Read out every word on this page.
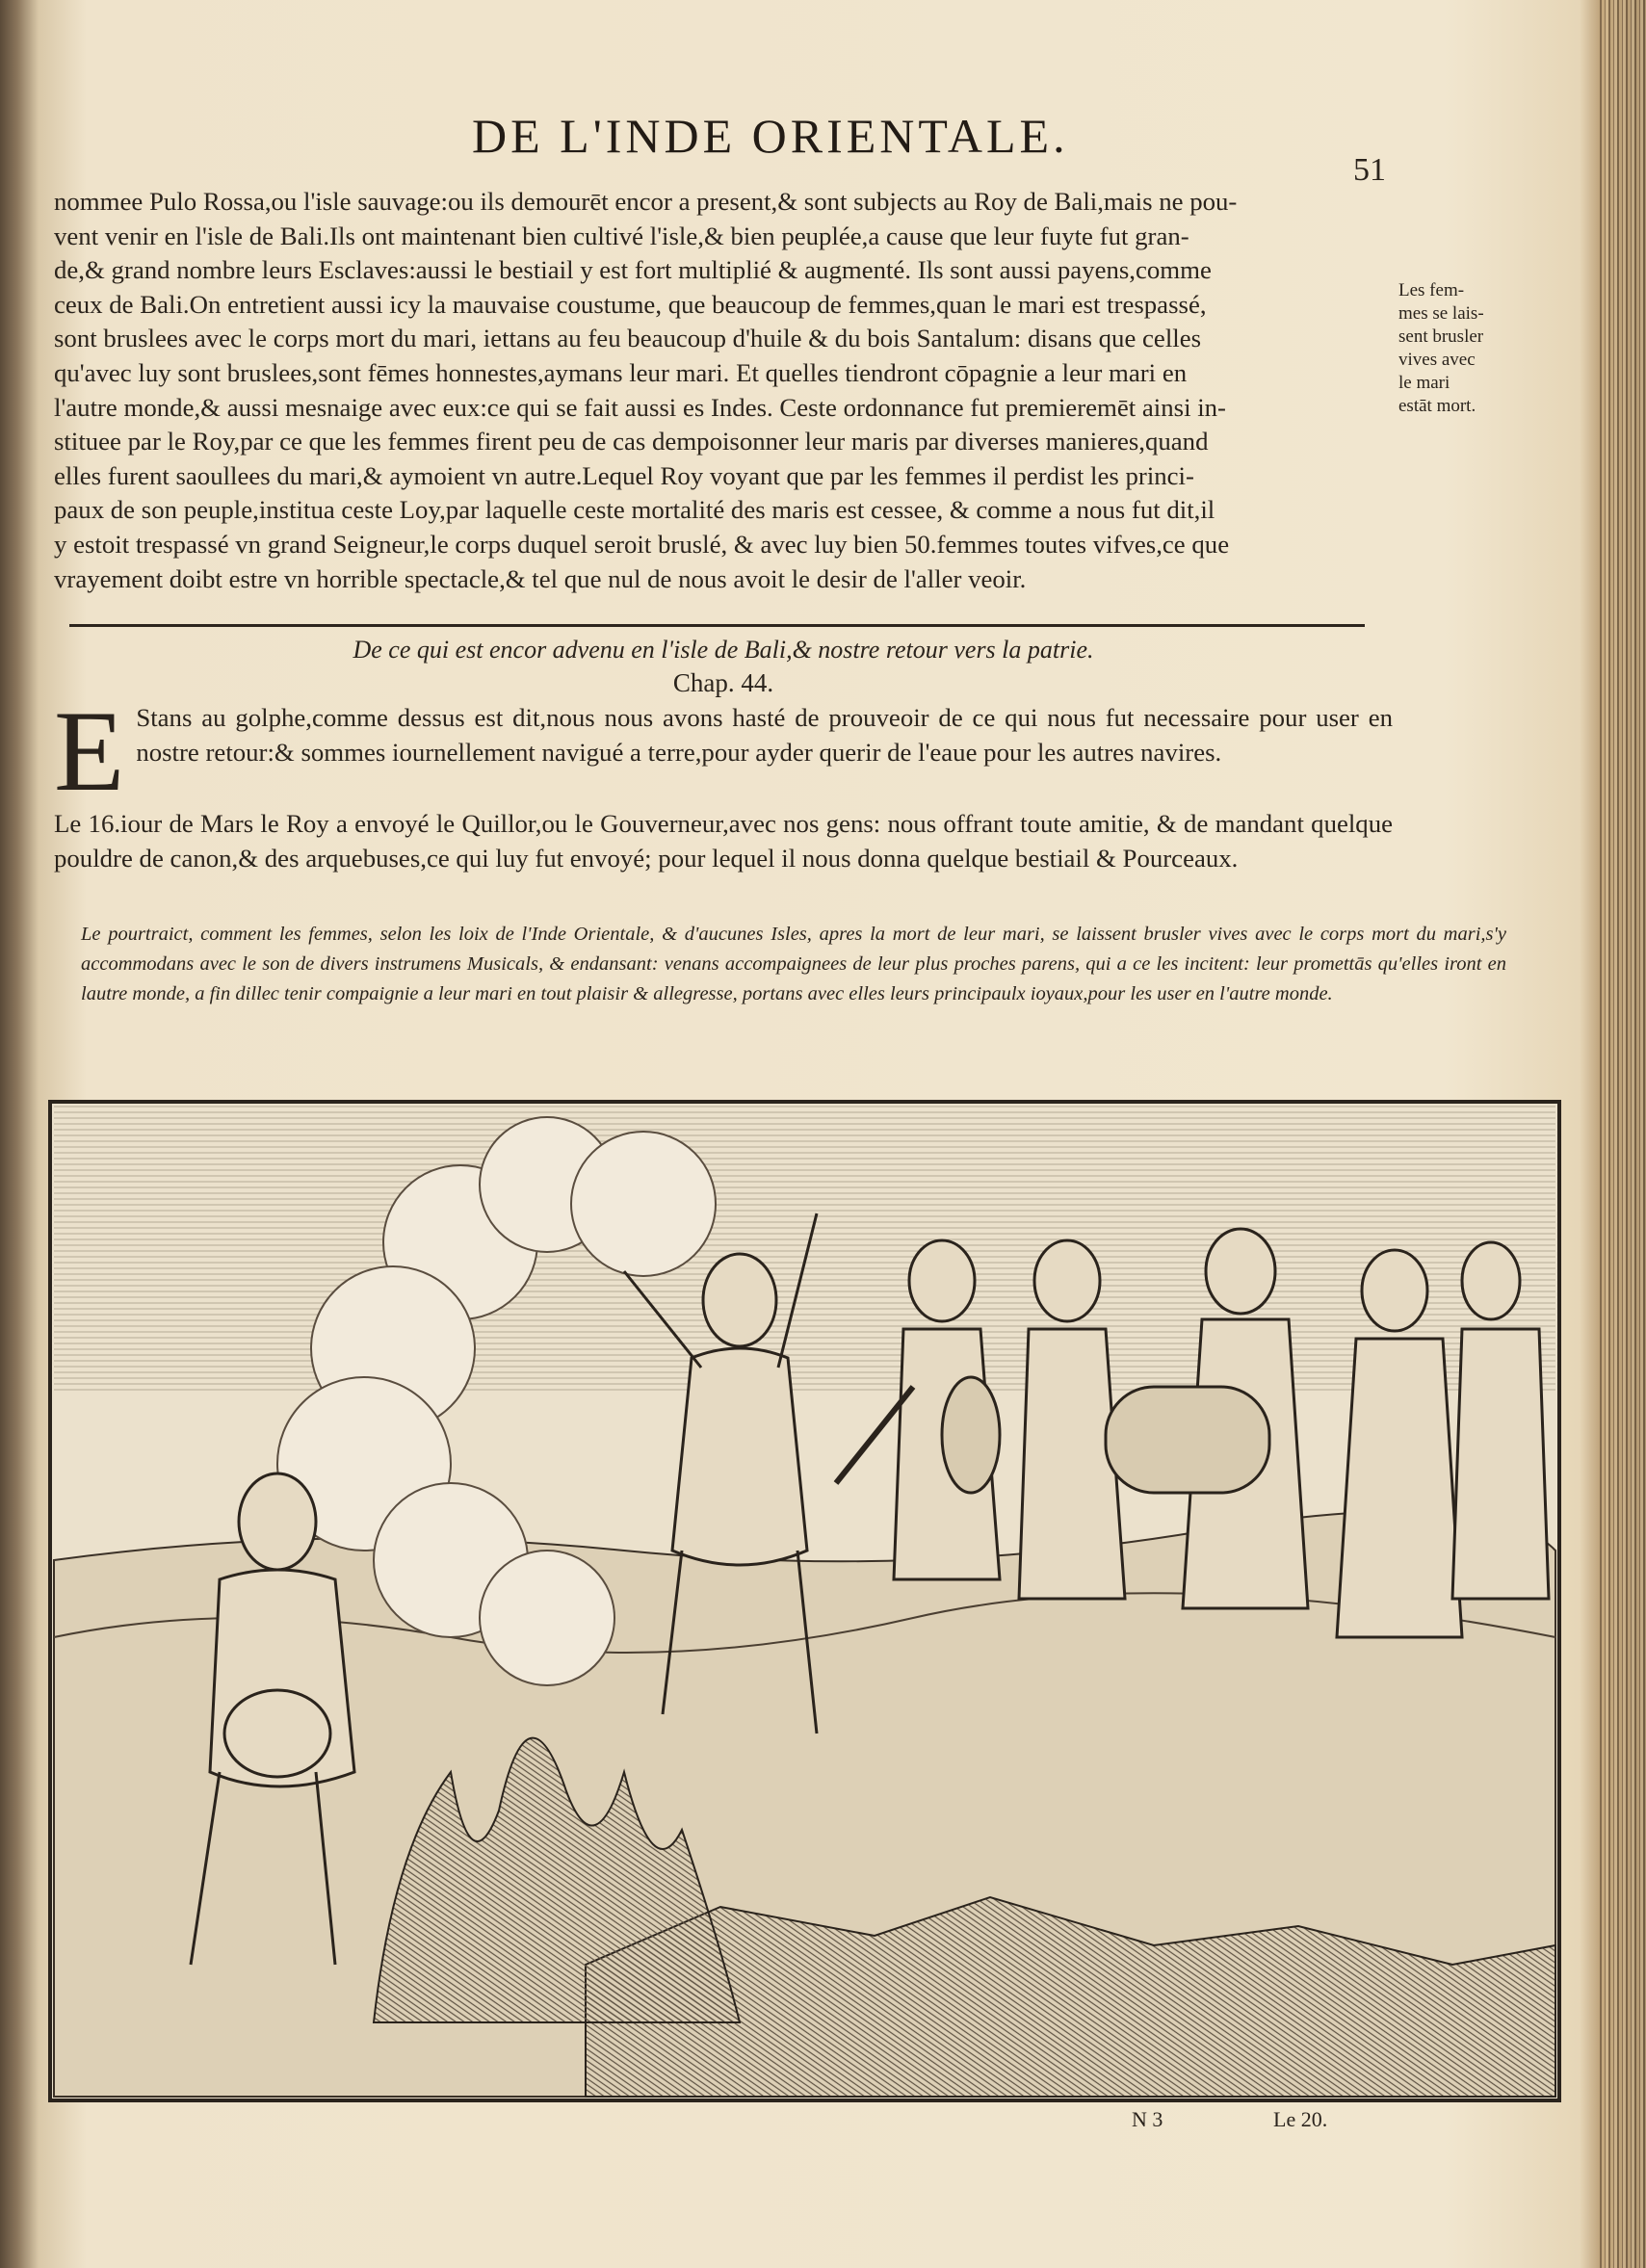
DE L'INDE ORIENTALE.
51

nommee Pulo Rossa,ou l'isle sauvage:ou ils demourēt encor a present,& sont subjects au Roy de Bali,mais ne pou-

vent venir en l'isle de Bali.Ils ont maintenant bien cultivé l'isle,& bien peuplée,a cause que leur fuyte fut gran-

de,& grand nombre leurs Esclaves:aussi le bestiail y est fort multiplié & augmenté. Ils sont aussi payens,comme

ceux de Bali.On entretient aussi icy la mauvaise coustume, que beaucoup de femmes,quan le mari est trespassé,

sont bruslees avec le corps mort du mari, iettans au feu beaucoup d'huile & du bois Santalum: disans que celles

qu'avec luy sont bruslees,sont fēmes honnestes,aymans leur mari. Et quelles tiendront cōpagnie a leur mari en

l'autre monde,& aussi mesnaige avec eux:ce qui se fait aussi es Indes. Ceste ordonnance fut premieremēt ainsi in-

stituee par le Roy,par ce que les femmes firent peu de cas dempoisonner leur maris par diverses manieres,quand

elles furent saoullees du mari,& aymoient vn autre.Lequel Roy voyant que par les femmes il perdist les princi-

paux de son peuple,institua ceste Loy,par laquelle ceste mortalité des maris est cessee, & comme a nous fut dit,il

y estoit trespassé vn grand Seigneur,le corps duquel seroit bruslé, & avec luy bien 50.femmes toutes vifves,ce que

vrayement doibt estre vn horrible spectacle,& tel que nul de nous avoit le desir de l'aller veoir.

Les fem-
mes se lais-
sent brusler
vives avec
le mari
estāt mort.
De ce qui est encor advenu en l'isle de Bali,& nostre retour vers la patrie.
Chap. 44.
E Stans au golphe,comme dessus est dit,nous nous avons hasté de prouveoir de ce qui nous fut necessaire pour user en nostre retour:& sommes iournellement navigué a terre,pour ayder querir de l'eaue pour les autres navires.
Le 16.iour de Mars le Roy a envoyé le Quillor,ou le Gouverneur,avec nos gens: nous offrant toute amitie, & de mandant quelque pouldre de canon,& des arquebuses,ce qui luy fut envoyé; pour lequel il nous donna quelque bestiail & Pourceaux.
Le pourtraict, comment les femmes, selon les loix de l'Inde Orientale, & d'aucunes Isles, apres la mort de leur mari, se laissent brusler vives avec le corps mort du mari,s'y accommodans avec le son de divers instrumens Musicals, & endansant: venans accompaignees de leur plus proches parens, qui a ce les incitent: leur promettās qu'elles iront en lautre monde, a fin dillec tenir compaignie a leur mari en tout plaisir & allegresse, portans avec elles leurs principaulx ioyaux,pour les user en l'autre monde.
N 3	Le 20.
